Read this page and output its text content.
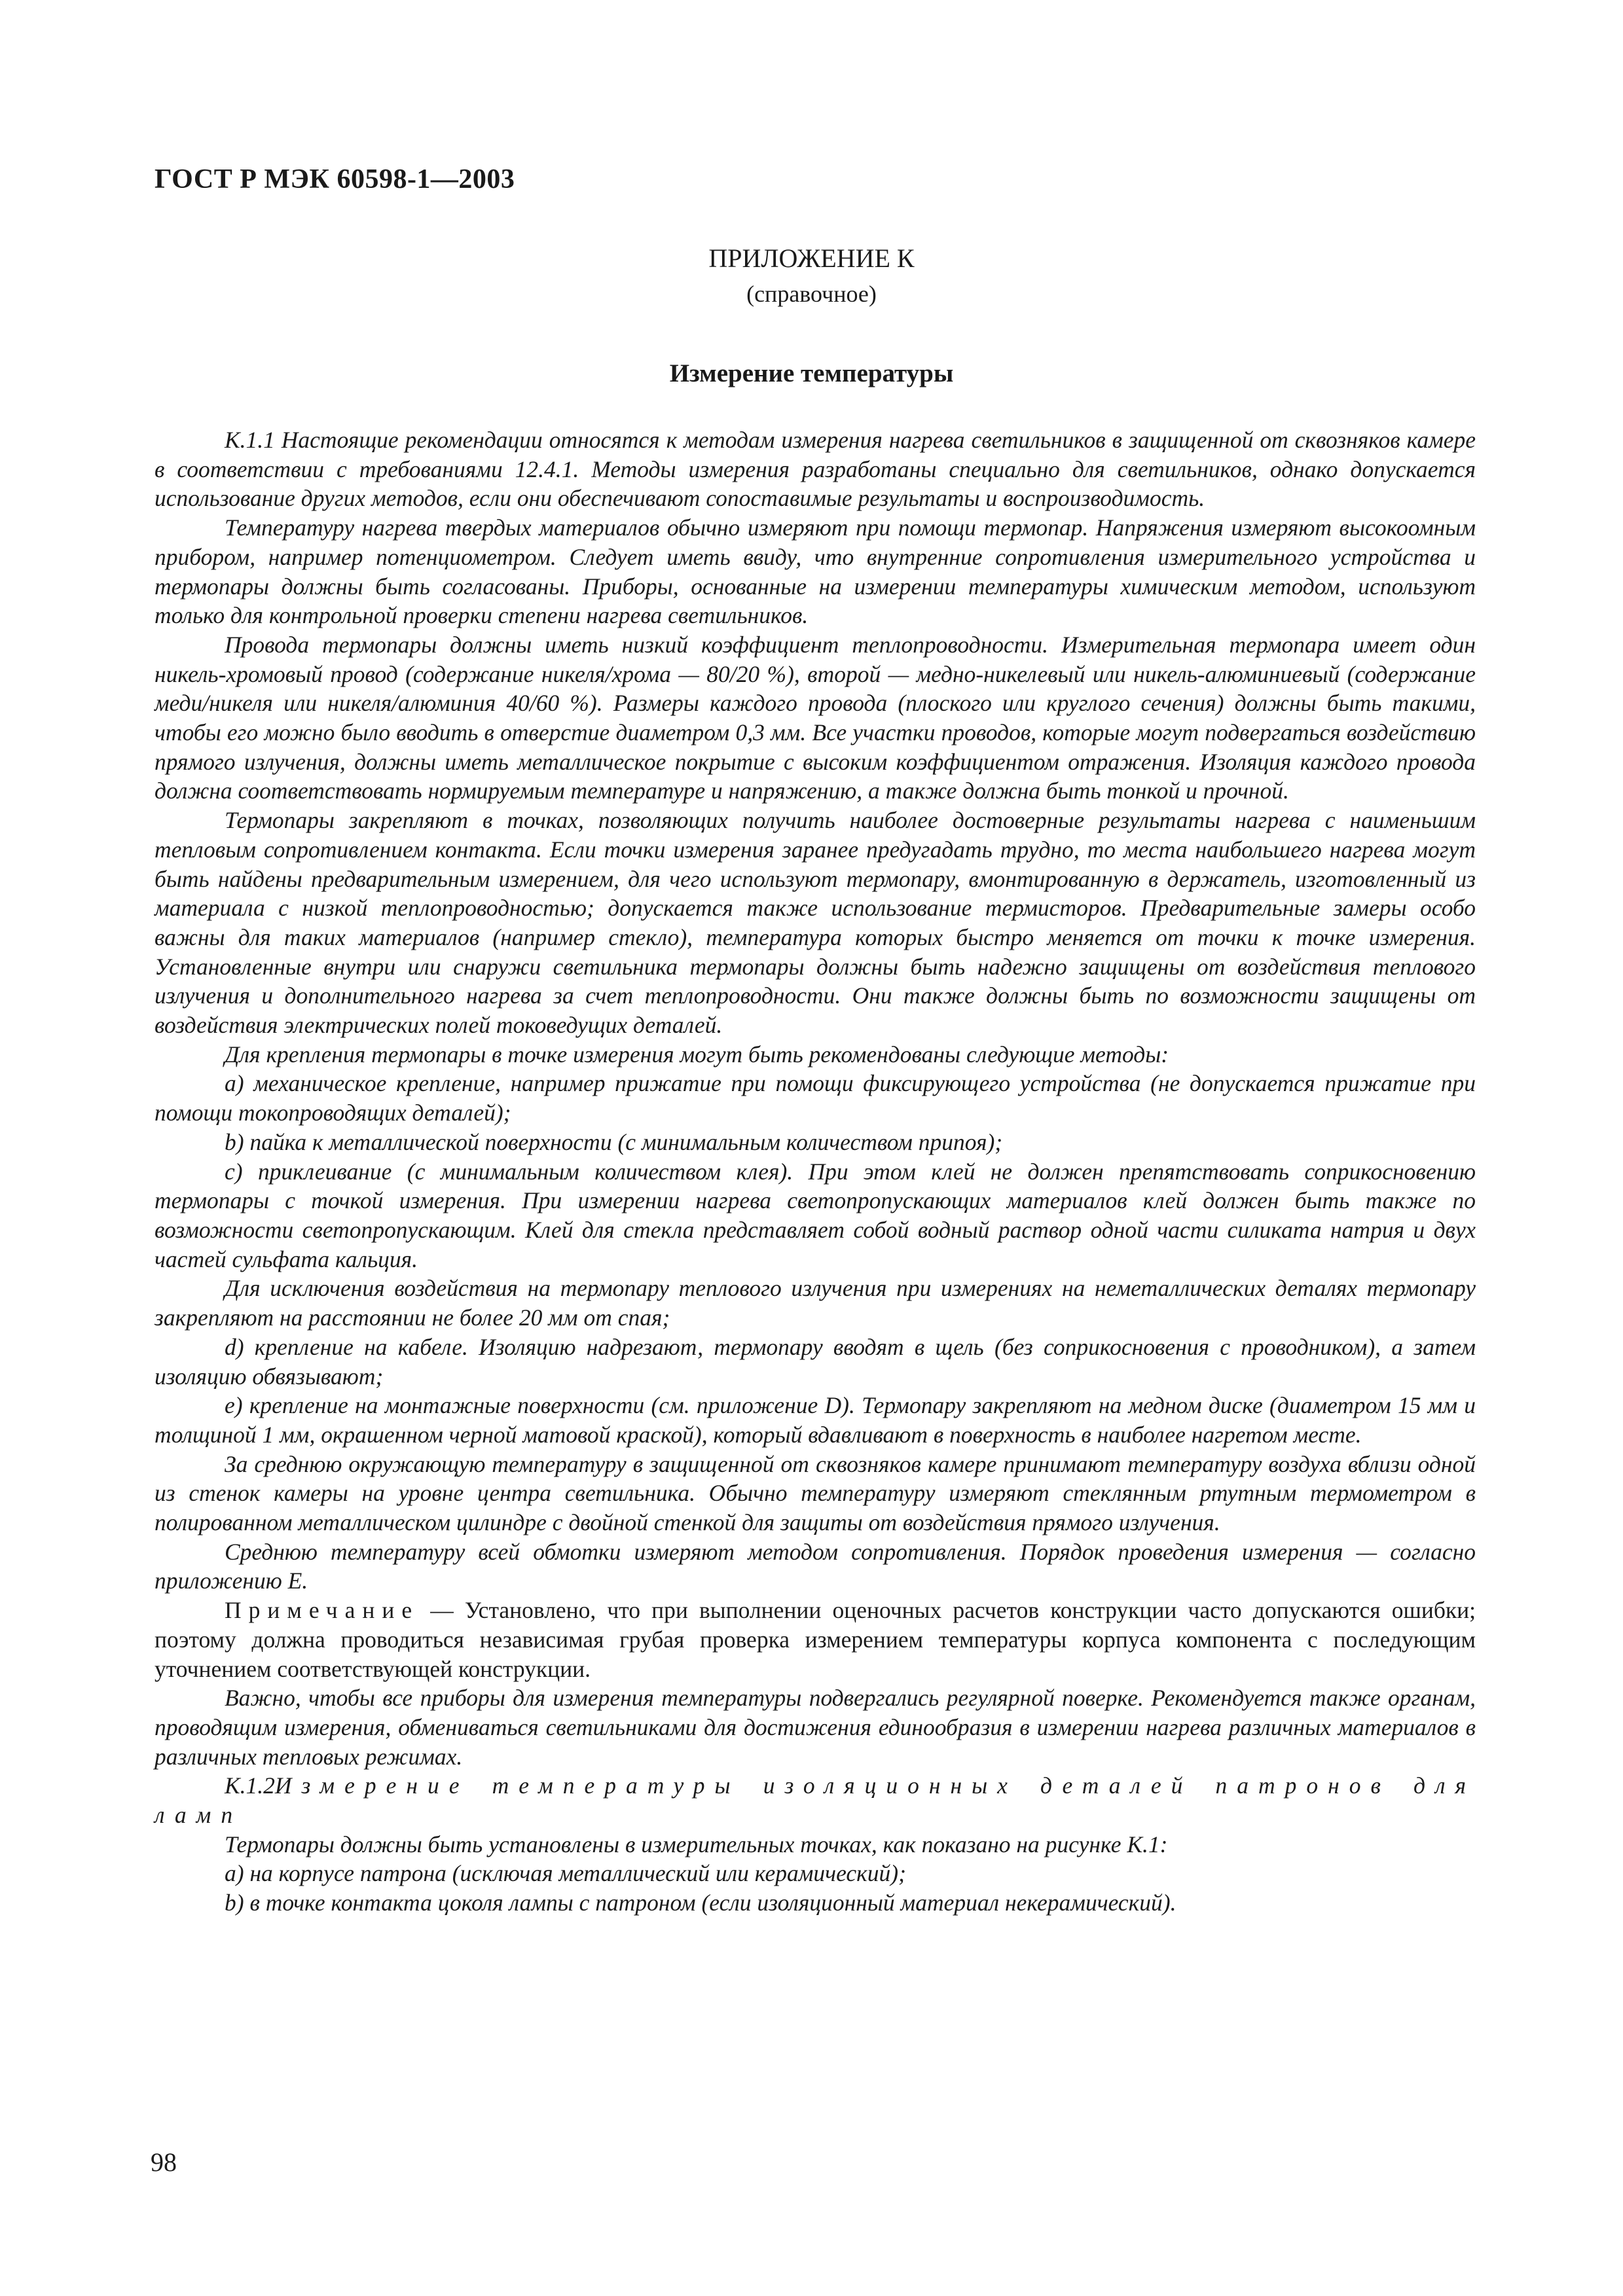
ГОСТ Р МЭК 60598-1—2003
ПРИЛОЖЕНИЕ К
(справочное)
Измерение температуры

К.1.1 Настоящие рекомендации относятся к методам измерения нагрева светильников в защищенной от сквозняков камере в соответствии с требованиями 12.4.1. Методы измерения разработаны специально для светильников, однако допускается использование других методов, если они обеспечивают сопоставимые результаты и воспроизводимость.

Температуру нагрева твердых материалов обычно измеряют при помощи термопар. Напряжения измеряют высокоомным прибором, например потенциометром. Следует иметь ввиду, что внутренние сопротивления измерительного устройства и термопары должны быть согласованы. Приборы, основанные на измерении температуры химическим методом, используют только для контрольной проверки степени нагрева светильников.

Провода термопары должны иметь низкий коэффициент теплопроводности. Измерительная термопара имеет один никель-хромовый провод (содержание никеля/хрома — 80/20 %), второй — медно-никелевый или никель-алюминиевый (содержание меди/никеля или никеля/алюминия 40/60 %). Размеры каждого провода (плоского или круглого сечения) должны быть такими, чтобы его можно было вводить в отверстие диаметром 0,3 мм. Все участки проводов, которые могут подвергаться воздействию прямого излучения, должны иметь металлическое покрытие с высоким коэффициентом отражения. Изоляция каждого провода должна соответствовать нормируемым температуре и напряжению, а также должна быть тонкой и прочной.

Термопары закрепляют в точках, позволяющих получить наиболее достоверные результаты нагрева с наименьшим тепловым сопротивлением контакта. Если точки измерения заранее предугадать трудно, то места наибольшего нагрева могут быть найдены предварительным измерением, для чего используют термопару, вмонтированную в держатель, изготовленный из материала с низкой теплопроводностью; допускается также использование термисторов. Предварительные замеры особо важны для таких материалов (например стекло), температура которых быстро меняется от точки к точке измерения. Установленные внутри или снаружи светильника термопары должны быть надежно защищены от воздействия теплового излучения и дополнительного нагрева за счет теплопроводности. Они также должны быть по возможности защищены от воздействия электрических полей токоведущих деталей.

Для крепления термопары в точке измерения могут быть рекомендованы следующие методы:

а) механическое крепление, например прижатие при помощи фиксирующего устройства (не допускается прижатие при помощи токопроводящих деталей);

b) пайка к металлической поверхности (с минимальным количеством припоя);

с) приклеивание (с минимальным количеством клея). При этом клей не должен препятствовать соприкосновению термопары с точкой измерения. При измерении нагрева светопропускающих материалов клей должен быть также по возможности светопропускающим. Клей для стекла представляет собой водный раствор одной части силиката натрия и двух частей сульфата кальция.

Для исключения воздействия на термопару теплового излучения при измерениях на неметаллических деталях термопару закрепляют на расстоянии не более 20 мм от спая;

d) крепление на кабеле. Изоляцию надрезают, термопару вводят в щель (без соприкосновения с проводником), а затем изоляцию обвязывают;

е) крепление на монтажные поверхности (см. приложение D). Термопару закрепляют на медном диске (диаметром 15 мм и толщиной 1 мм, окрашенном черной матовой краской), который вдавливают в поверхность в наиболее нагретом месте.

За среднюю окружающую температуру в защищенной от сквозняков камере принимают температуру воздуха вблизи одной из стенок камеры на уровне центра светильника. Обычно температуру измеряют стеклянным ртутным термометром в полированном металлическом цилиндре с двойной стенкой для защиты от воздействия прямого излучения.

Среднюю температуру всей обмотки измеряют методом сопротивления. Порядок проведения измерения — согласно приложению Е.

Примечание — Установлено, что при выполнении оценочных расчетов конструкции часто допускаются ошибки; поэтому должна проводиться независимая грубая проверка измерением температуры корпуса компонента с последующим уточнением соответствующей конструкции.

Важно, чтобы все приборы для измерения температуры подвергались регулярной поверке. Рекомендуется также органам, проводящим измерения, обмениваться светильниками для достижения единообразия в измерении нагрева различных материалов в различных тепловых режимах.

К.1.2Измерение температуры изоляционных деталей патронов для ламп

Термопары должны быть установлены в измерительных точках, как показано на рисунке К.1:

а) на корпусе патрона (исключая металлический или керамический);

b) в точке контакта цоколя лампы с патроном (если изоляционный материал некерамический).

98
